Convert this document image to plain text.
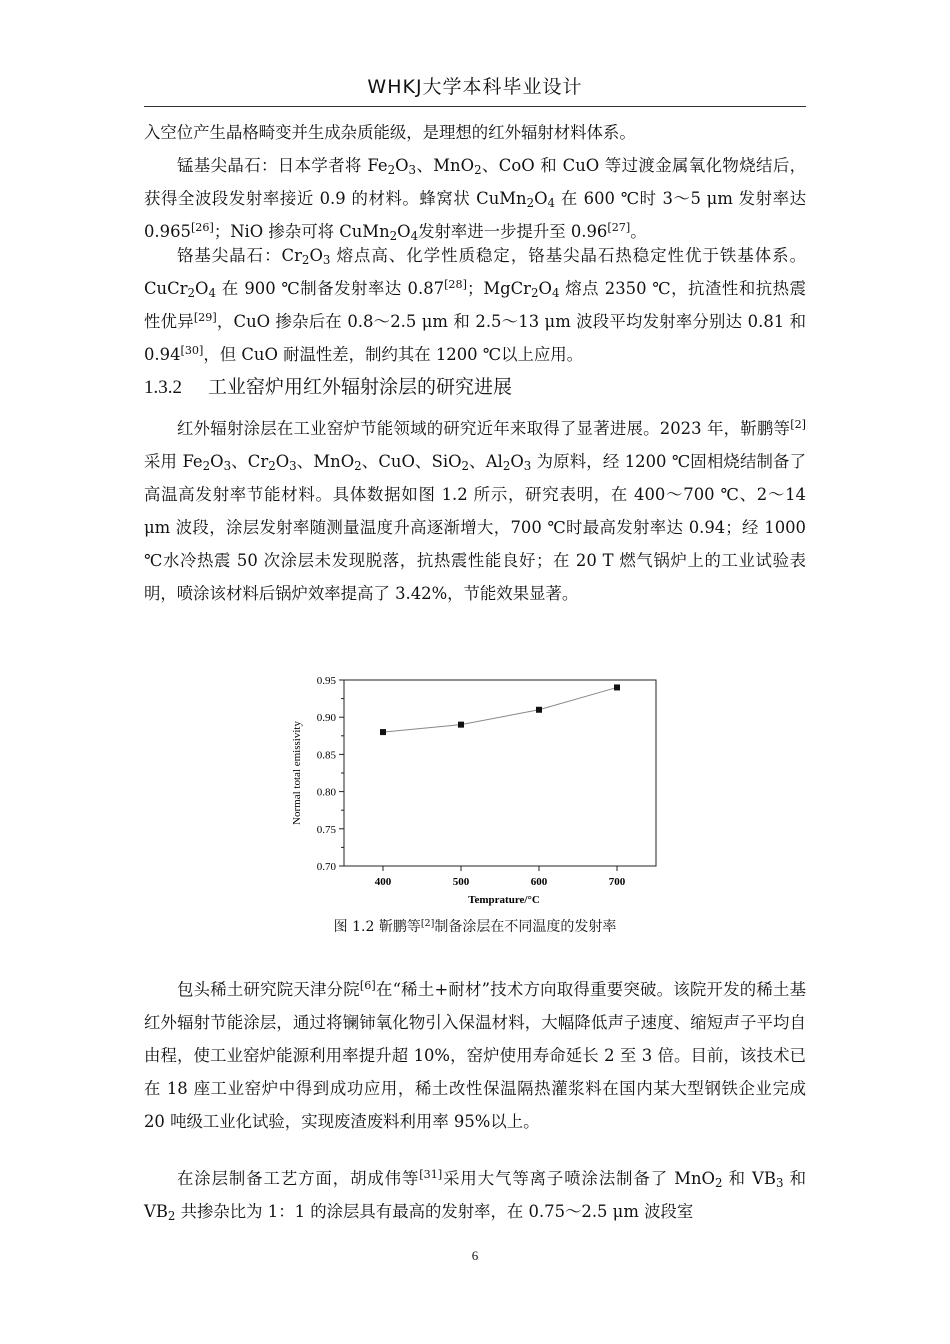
WHKJ大学本科毕业设计

入空位产生晶格畸变并生成杂质能级，是理想的红外辐射材料体系。

锰基尖晶石：日本学者将 $Fe_2O_3$、MnO$_2$、CoO 和 CuO 等过渡金属氧化物烧结后，获得全波段发射率接近 0.9 的材料。蜂窝状 $CuMn_2O_4$ 在 600 ℃时 3～5 μm 发射率达 0.965[26]；NiO 掺杂可将 $CuMn_2O_4$发射率进一步提升至 0.96[27]。

铬基尖晶石：$Cr_2O_3$ 熔点高、化学性质稳定，铬基尖晶石热稳定性优于铁基体系。$CuCr_2O_4$ 在 900 ℃制备发射率达 0.87[28]；$MgCr_2O_4$ 熔点 2350 ℃，抗渣性和抗热震性优异[29]，CuO 掺杂后在 0.8～2.5 μm 和 2.5～13 μm 波段平均发射率分别达 0.81 和 0.94[30]，但 CuO 耐温性差，制约其在 1200 ℃以上应用。

1.3.2 工业窑炉用红外辐射涂层的研究进展

红外辐射涂层在工业窑炉节能领域的研究近年来取得了显著进展。2023 年，靳鹏等[2]采用 $Fe_2O_3$、$Cr_2O_3$、MnO$_2$、CuO、SiO$_2$、$Al_2O_3$ 为原料，经 1200 ℃固相烧结制备了高温高发射率节能材料。具体数据如图 1.2 所示，研究表明，在 400～700 ℃、2～14 μm 波段，涂层发射率随测量温度升高逐渐增大，700 ℃时最高发射率达 0.94；经 1000 ℃水冷热震 50 次涂层未发现脱落，抗热震性能良好；在 20 T 燃气锅炉上的工业试验表明，喷涂该材料后锅炉效率提高了 3.42%，节能效果显著。

0.70
0.75
0.80
0.85
0.90
0.95
400	500	600	700
Normal total emissivity
Temprature/°C
图 1.2 靳鹏等[2]制备涂层在不同温度的发射率

包头稀土研究院天津分院[6]在“稀土+耐材”技术方向取得重要突破。该院开发的稀土基红外辐射节能涂层，通过将镧铈氧化物引入保温材料，大幅降低声子速度、缩短声子平均自由程，使工业窑炉能源利用率提升超 10%，窑炉使用寿命延长 2 至 3 倍。目前，该技术已在 18 座工业窑炉中得到成功应用，稀土改性保温隔热灌浆料在国内某大型钢铁企业完成 20 吨级工业化试验，实现废渣废料利用率 95%以上。

在涂层制备工艺方面，胡成伟等[31]采用大气等离子喷涂法制备了 MnO$_2$ 和 $VB_3$ 和 $VB_2$ 共掺杂比为 1：1 的涂层具有最高的发射率，在 0.75～2.5 μm 波段室

6
